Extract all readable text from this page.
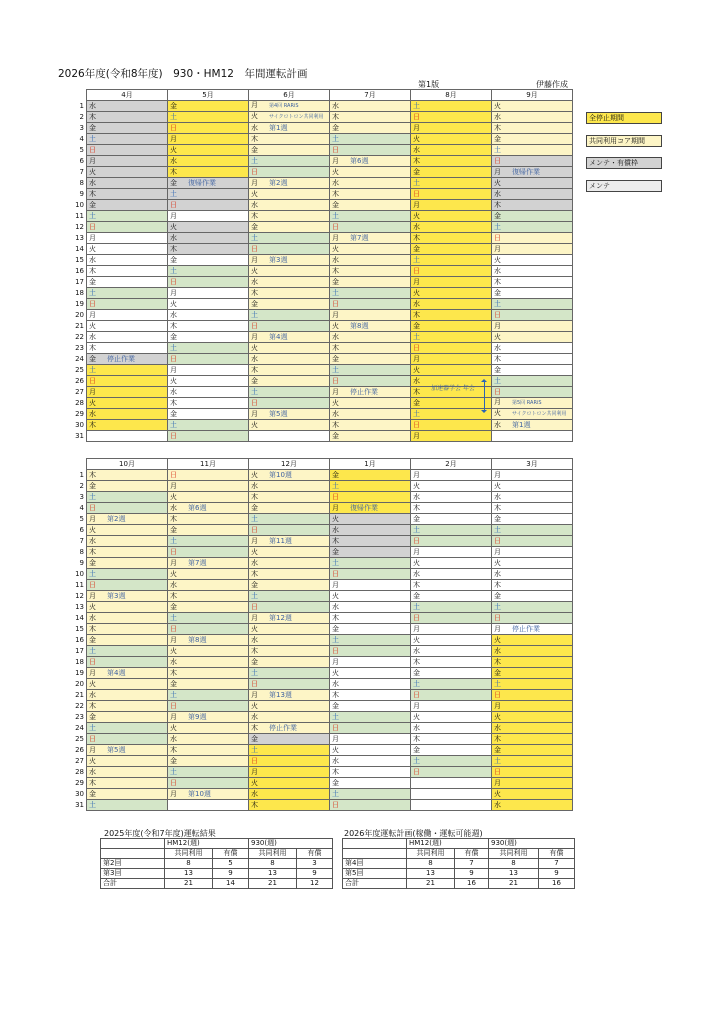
2026年度(令和8年度)　930・HM12　年間運転計画
第1版	伊藤作成
	4月	5月	6月	7月	8月	9月
1	水	金	月 第4回 RARiS	水	土	火
2	木	土	火 サイクロトロン共同利用	木	日	水
3	金	日	水 第1週	金	月	木
4	土	月	木	土	火	金
5	日	火	金	日	水	土
6	月	水	土	月 第6週	木	日
7	火	木	日	火	金	月 復帰作業
8	水	金 復帰作業	月 第2週	水	土	火
9	木	土	火	木	日	水
10	金	日	水	金	月	木
11	土	月	木	土	火	金
12	日	火	金	日	水	土
13	月	水	土	月 第7週	木	日
14	火	木	日	火	金	月
15	水	金	月 第3週	水	土	火
16	木	土	火	木	日	水
17	金	日	水	金	月	木
18	土	月	木	土	火	金
19	日	火	金	日	水	土
20	月	水	土	月	木	日
21	火	木	日	火 第8週	金	月
22	水	金	月 第4週	水	土	火
23	木	土	火	木	日	水
24	金 停止作業	日	水	金	月	木
25	土	月	木	土	火	金
26	日	火	金	日	水	土
27	月	水	土	月 停止作業	木	日
28	火	木	日	火	金	月 第5回 RARiS
29	水	金	月 第5週	水	土	火 サイクロトロン共同利用
30	木	土	火	木	日	水 第1週
31		日		金	月	
	10月	11月	12月	1月	2月	3月
1	木	日	火 第10週	金	月	月
2	金	月	水	土	火	火
3	土	火	木	日	水	水
4	日	水 第6週	金	月 復帰作業	木	木
5	月 第2週	木	土	火	金	金
6	火	金	日	水	土	土
7	水	土	月 第11週	木	日	日
8	木	日	火	金	月	月
9	金	月 第7週	水	土	火	火
10	土	火	木	日	水	水
11	日	水	金	月	木	木
12	月 第3週	木	土	火	金	金
13	火	金	日	水	土	土
14	水	土	月 第12週	木	日	日
15	木	日	火	金	月	月 停止作業
16	金	月 第8週	水	土	火	火
17	土	火	木	日	水	水
18	日	水	金	月	木	木
19	月 第4週	木	土	火	金	金
20	火	金	日	水	土	土
21	水	土	月 第13週	木	日	日
22	木	日	火	金	月	月
23	金	月 第9週	水	土	火	火
24	土	火	木 停止作業	日	水	水
25	日	水	金	月	木	木
26	月 第5週	木	土	火	金	金
27	火	金	日	水	土	土
28	水	土	月	木	日	日
29	木	日	火	金		月
30	金	月 第10週	水	土		火
31	土		木	日		水
加速器学会 年会
全停止期間
共同利用コア期間
メンテ・有償枠
メンテ
2025年度(令和7年度)運転結果
	HM12(週)		930(週)	
	共同利用	有償	共同利用	有償
第2回	8	5	8	3
第3回	13	9	13	9
合計	21	14	21	12
2026年度運転計画(稼働・運転可能週)
	HM12(週)		930(週)	
	共同利用	有償	共同利用	有償
第4回	8	7	8	7
第5回	13	9	13	9
合計	21	16	21	16
